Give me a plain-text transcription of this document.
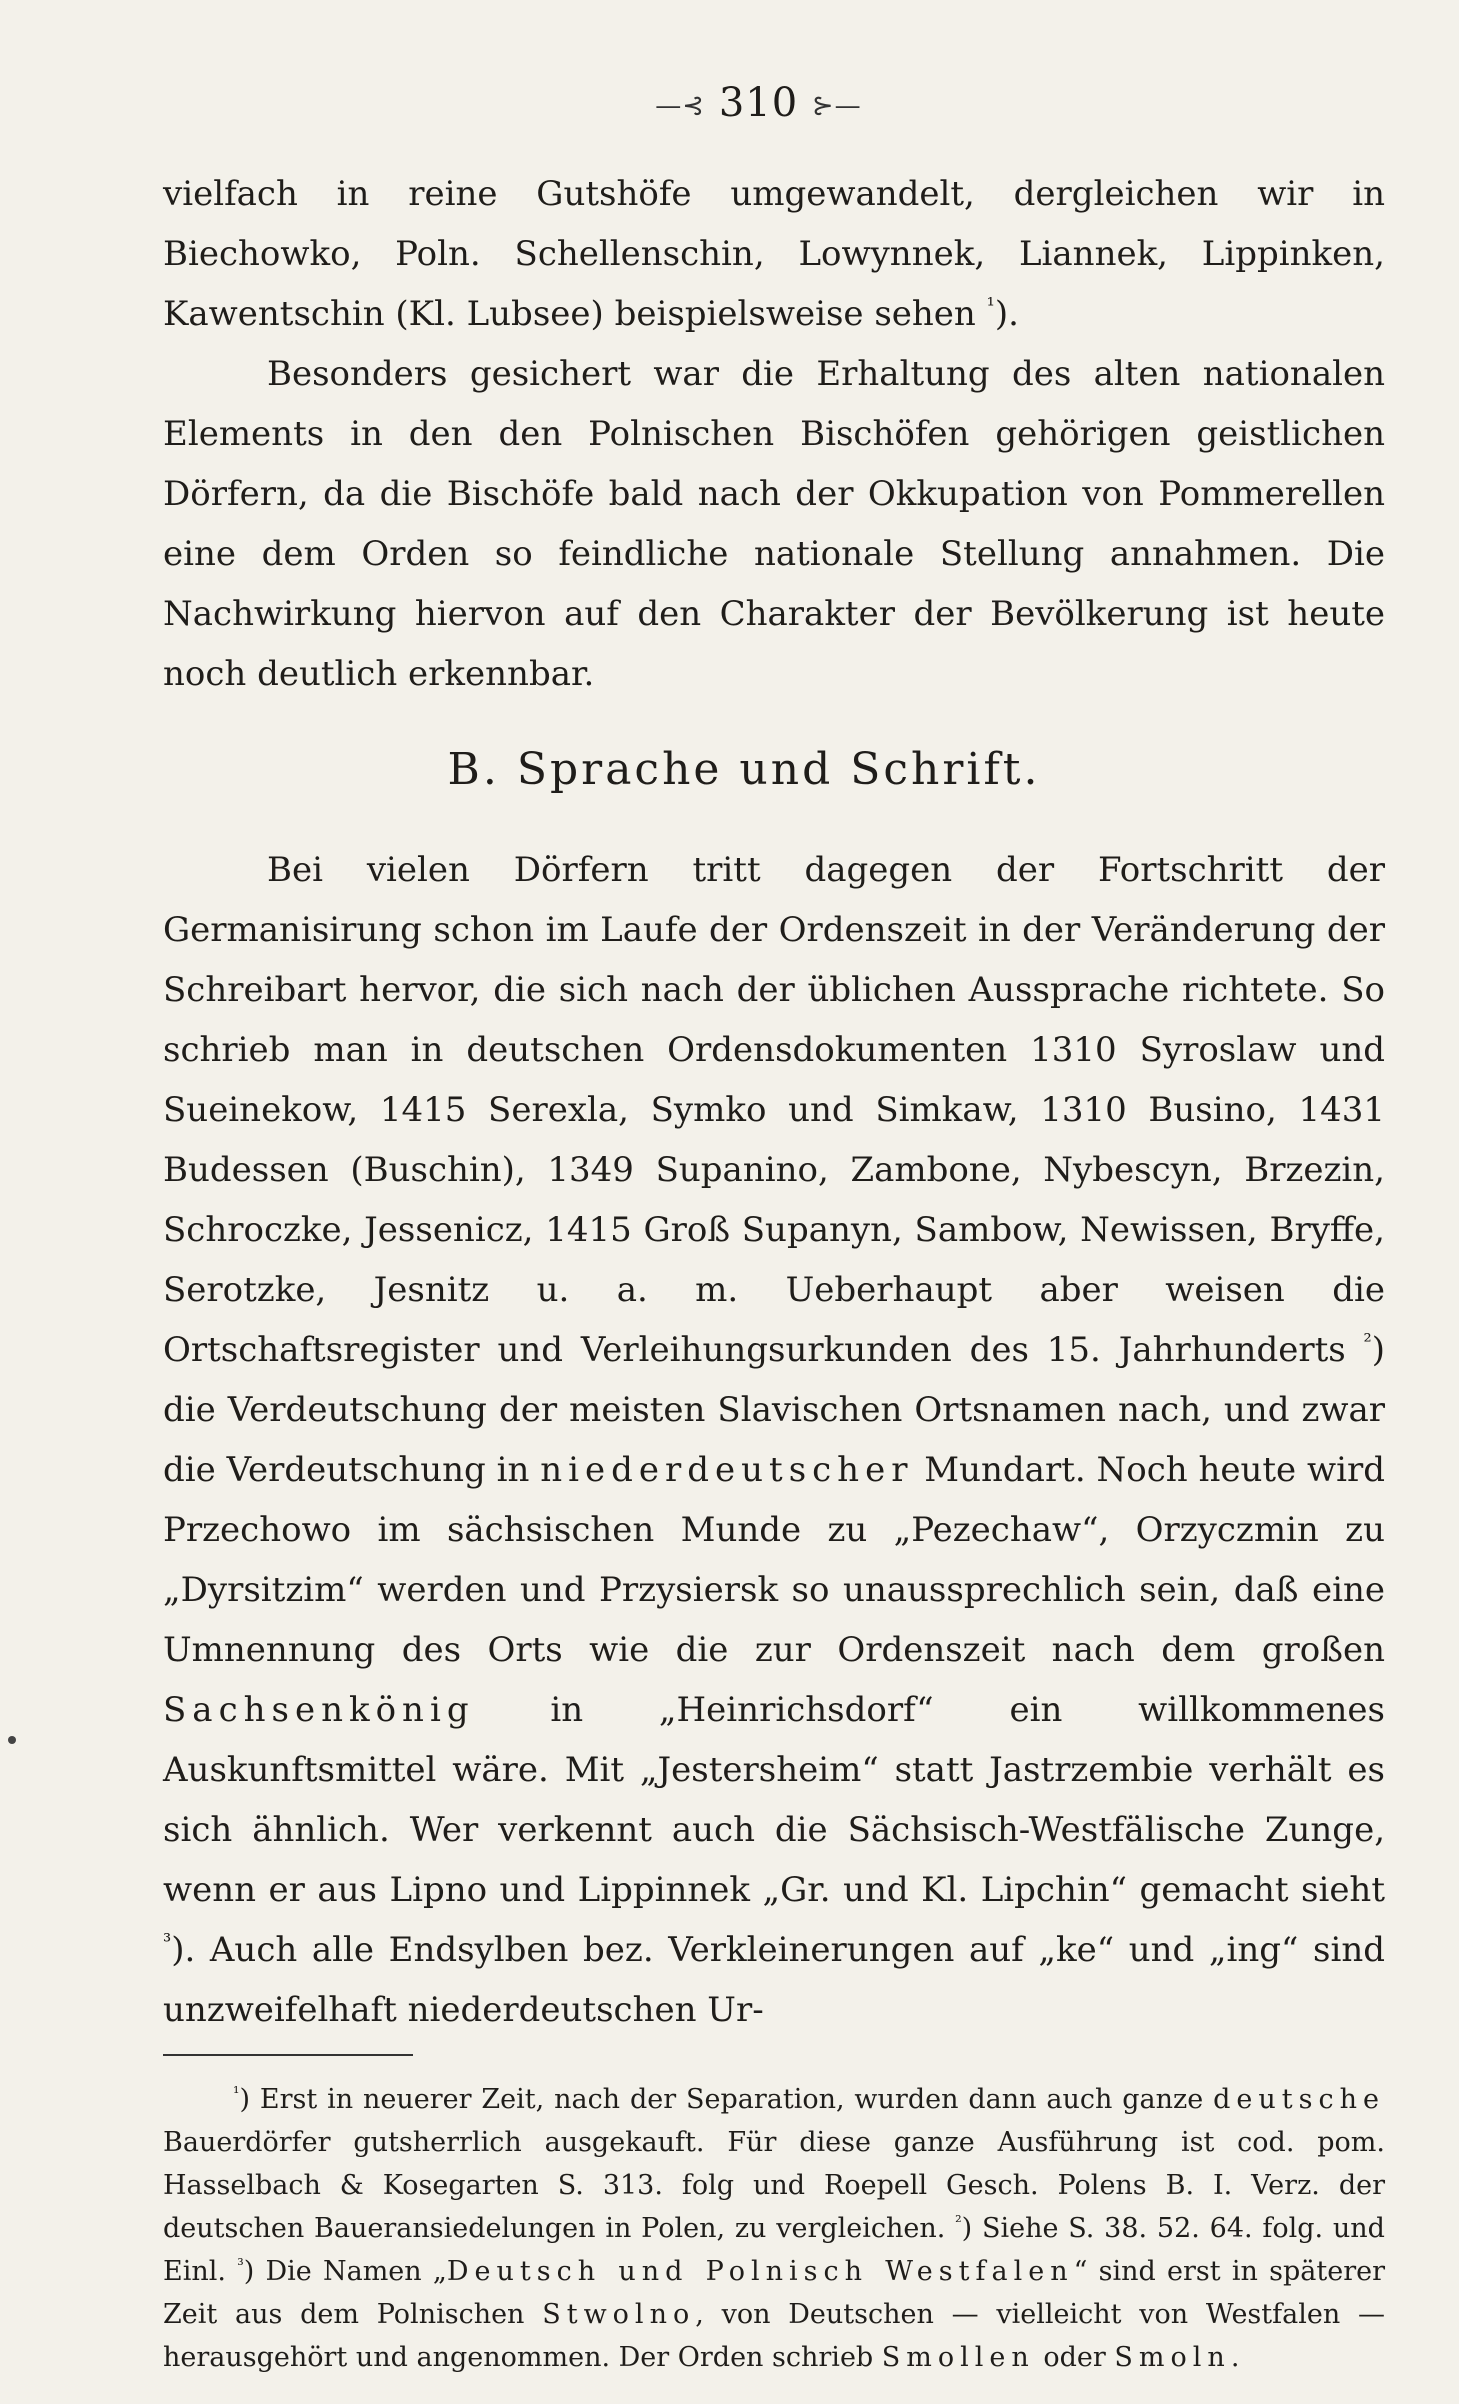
—⊰ 310 ⊱—

vielfach in reine Gutshöfe umgewandelt, dergleichen wir in Biechowko, Poln. Schellenschin, Lowynnek, Liannek, Lippinken, Kawentschin (Kl. Lubsee) beispielsweise sehen $^{^1}$).

Besonders gesichert war die Erhaltung des alten nationalen Elements in den den Polnischen Bischöfen gehörigen geistlichen Dörfern, da die Bischöfe bald nach der Okkupation von Pommerellen eine dem Orden so feindliche nationale Stellung annahmen. Die Nachwirkung hiervon auf den Charakter der Bevölkerung ist heute noch deutlich erkennbar.

B. Sprache und Schrift.

Bei vielen Dörfern tritt dagegen der Fortschritt der Germanisirung schon im Laufe der Ordenszeit in der Veränderung der Schreibart hervor, die sich nach der üblichen Aussprache richtete. So schrieb man in deutschen Ordensdokumenten 1310 Syroslaw und Sueinekow, 1415 Serexla, Symko und Simkaw, 1310 Busino, 1431 Budessen (Buschin), 1349 Supanino, Zambone, Nybescyn, Brzezin, Schroczke, Jessenicz, 1415 Groß Supanyn, Sambow, Newissen, Bryffe, Serotzke, Jesnitz u. a. m. Ueberhaupt aber weisen die Ortschaftsregister und Verleihungsurkunden des 15. Jahrhunderts $^{^2}$) die Verdeutschung der meisten Slavischen Ortsnamen nach, und zwar die Verdeutschung in niederdeutscher Mundart. Noch heute wird Przechowo im sächsischen Munde zu „Pezechaw“, Orzyczmin zu „Dyrsitzim“ werden und Przysiersk so unaussprechlich sein, daß eine Umnennung des Orts wie die zur Ordenszeit nach dem großen Sachsenkönig in „Heinrichsdorf“ ein willkommenes Auskunftsmittel wäre. Mit „Jestersheim“ statt Jastrzembie verhält es sich ähnlich. Wer verkennt auch die Sächsisch-Westfälische Zunge, wenn er aus Lipno und Lippinnek „Gr. und Kl. Lipchin“ gemacht sieht $^{^3}$). Auch alle Endsylben bez. Verkleinerungen auf „ke“ und „ing“ sind unzweifelhaft niederdeutschen Ur-

$^{^1}$) Erst in neuerer Zeit, nach der Separation, wurden dann auch ganze deutsche Bauerdörfer gutsherrlich ausgekauft. Für diese ganze Ausführung ist cod. pom. Hasselbach & Kosegarten S. 313. folg und Roepell Gesch. Polens B. I. Verz. der deutschen Baueransiedelungen in Polen, zu vergleichen. $^{^2}$) Siehe S. 38. 52. 64. folg. und Einl. $^{^3}$) Die Namen „Deutsch und Polnisch Westfalen“ sind erst in späterer Zeit aus dem Polnischen Stwolno, von Deutschen — vielleicht von Westfalen — herausgehört und angenommen. Der Orden schrieb Smollen oder Smoln.
